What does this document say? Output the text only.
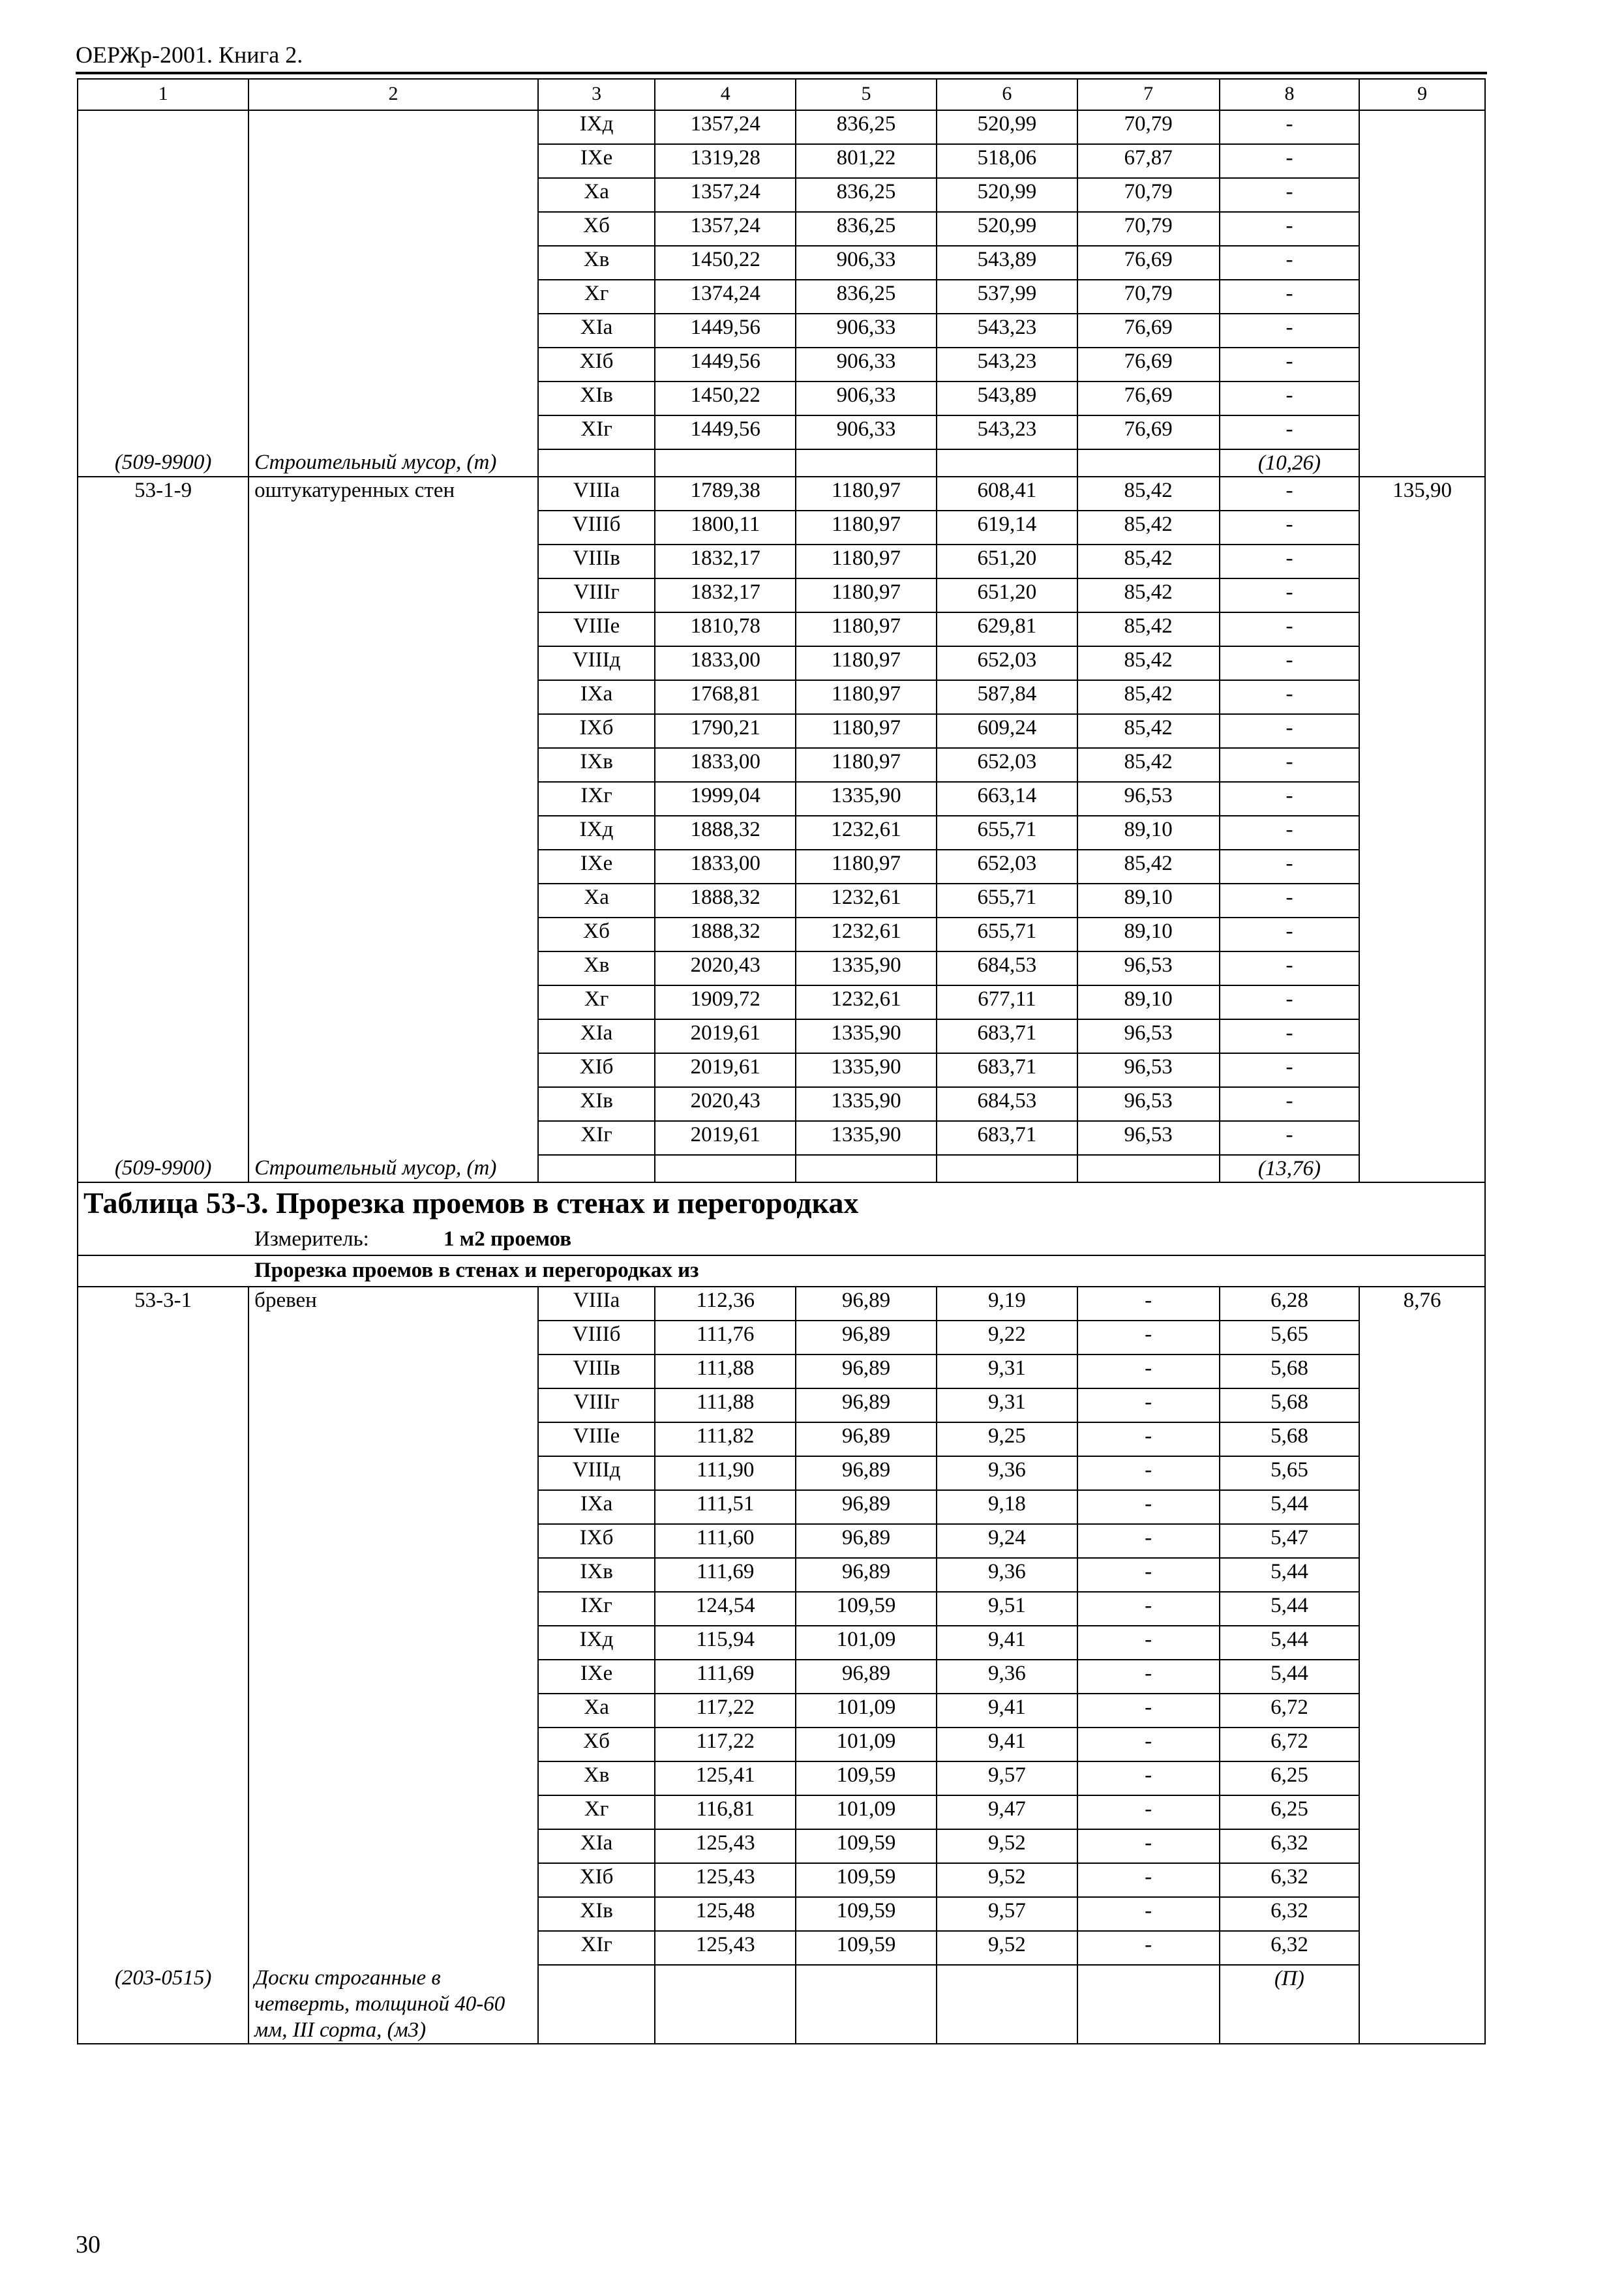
ОЕРЖр-2001. Книга 2.
1	2	3	4	5	6	7	8	9
		IXд	1357,24	836,25	520,99	70,79	-	
		IXе	1319,28	801,22	518,06	67,87	-	
		Xа	1357,24	836,25	520,99	70,79	-	
		Xб	1357,24	836,25	520,99	70,79	-	
		Xв	1450,22	906,33	543,89	76,69	-	
		Xг	1374,24	836,25	537,99	70,79	-	
		XIа	1449,56	906,33	543,23	76,69	-	
		XIб	1449,56	906,33	543,23	76,69	-	
		XIв	1450,22	906,33	543,89	76,69	-	
		XIг	1449,56	906,33	543,23	76,69	-	
(509-9900)	Строительный мусор, (т)						(10,26)	
53-1-9	оштукатуренных стен	VIIIа	1789,38	1180,97	608,41	85,42	-	135,90
		VIIIб	1800,11	1180,97	619,14	85,42	-	
		VIIIв	1832,17	1180,97	651,20	85,42	-	
		VIIIг	1832,17	1180,97	651,20	85,42	-	
		VIIIе	1810,78	1180,97	629,81	85,42	-	
		VIIIд	1833,00	1180,97	652,03	85,42	-	
		IXа	1768,81	1180,97	587,84	85,42	-	
		IXб	1790,21	1180,97	609,24	85,42	-	
		IXв	1833,00	1180,97	652,03	85,42	-	
		IXг	1999,04	1335,90	663,14	96,53	-	
		IXд	1888,32	1232,61	655,71	89,10	-	
		IXе	1833,00	1180,97	652,03	85,42	-	
		Xа	1888,32	1232,61	655,71	89,10	-	
		Xб	1888,32	1232,61	655,71	89,10	-	
		Xв	2020,43	1335,90	684,53	96,53	-	
		Xг	1909,72	1232,61	677,11	89,10	-	
		XIа	2019,61	1335,90	683,71	96,53	-	
		XIб	2019,61	1335,90	683,71	96,53	-	
		XIв	2020,43	1335,90	684,53	96,53	-	
		XIг	2019,61	1335,90	683,71	96,53	-	
(509-9900)	Строительный мусор, (т)						(13,76)	
Таблица 53-3. Прорезка проемов в стенах и перегородках								
Измеритель: 1 м2 проемов								
Прорезка проемов в стенах и перегородках из								
53-3-1	бревен	VIIIа	112,36	96,89	9,19	-	6,28	8,76
		VIIIб	111,76	96,89	9,22	-	5,65	
		VIIIв	111,88	96,89	9,31	-	5,68	
		VIIIг	111,88	96,89	9,31	-	5,68	
		VIIIе	111,82	96,89	9,25	-	5,68	
		VIIIд	111,90	96,89	9,36	-	5,65	
		IXа	111,51	96,89	9,18	-	5,44	
		IXб	111,60	96,89	9,24	-	5,47	
		IXв	111,69	96,89	9,36	-	5,44	
		IXг	124,54	109,59	9,51	-	5,44	
		IXд	115,94	101,09	9,41	-	5,44	
		IXе	111,69	96,89	9,36	-	5,44	
		Xа	117,22	101,09	9,41	-	6,72	
		Xб	117,22	101,09	9,41	-	6,72	
		Xв	125,41	109,59	9,57	-	6,25	
		Xг	116,81	101,09	9,47	-	6,25	
		XIа	125,43	109,59	9,52	-	6,32	
		XIб	125,43	109,59	9,52	-	6,32	
		XIв	125,48	109,59	9,57	-	6,32	
		XIг	125,43	109,59	9,52	-	6,32	
(203-0515)	Доски строганные в четверть, толщиной 40-60 мм, III сорта, (м3)						(П)	
30
